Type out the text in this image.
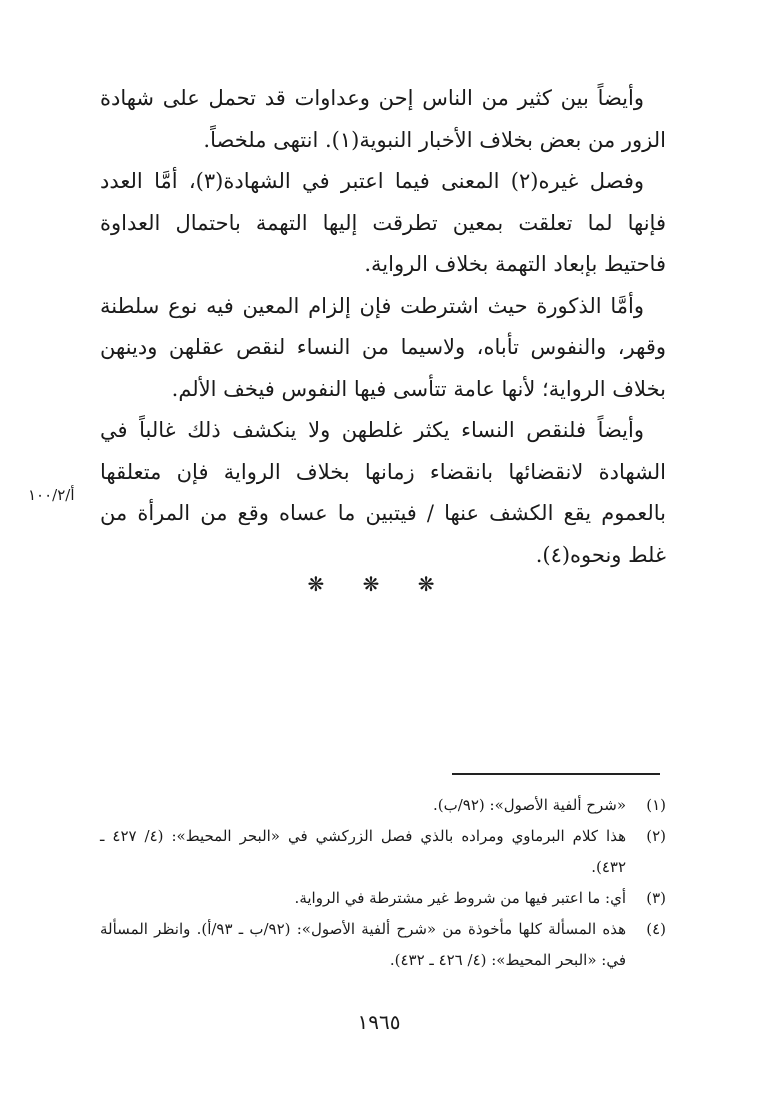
وأيضاً بين كثير من الناس إحن وعداوات قد تحمل على شهادة الزور من بعض بخلاف الأخبار النبوية(١). انتهى ملخصاً.

وفصل غيره(٢) المعنى فيما اعتبر في الشهادة(٣)، أمَّا العدد فإنها لما تعلقت بمعين تطرقت إليها التهمة باحتمال العداوة فاحتيط بإبعاد التهمة بخلاف الرواية.

وأمَّا الذكورة حيث اشترطت فإن إلزام المعين فيه نوع سلطنة وقهر، والنفوس تأباه، ولاسيما من النساء لنقص عقلهن ودينهن بخلاف الرواية؛ لأنها عامة تتأسى فيها النفوس فيخف الألم.

وأيضاً فلنقص النساء يكثر غلطهن ولا ينكشف ذلك غالباً في الشهادة لانقضائها بانقضاء زمانها بخلاف الرواية فإن متعلقها بالعموم يقع الكشف عنها / فيتبين ما عساه وقع من المرأة من غلط ونحوه(٤).

أ/١٠٠/٢
❋ ❋ ❋
(١)
«شرح ألفية الأصول»: (٩٢/ب).
(٢)
هذا كلام البرماوي ومراده بالذي فصل الزركشي في «البحر المحيط»: (٤/ ٤٢٧ ـ ٤٣٢).
(٣)
أي: ما اعتبر فيها من شروط غير مشترطة في الرواية.
(٤)
هذه المسألة كلها مأخوذة من «شرح ألفية الأصول»: (٩٢/ب ـ ٩٣/أ). وانظر المسألة في: «البحر المحيط»: (٤/ ٤٢٦ ـ ٤٣٢).
١٩٦٥
